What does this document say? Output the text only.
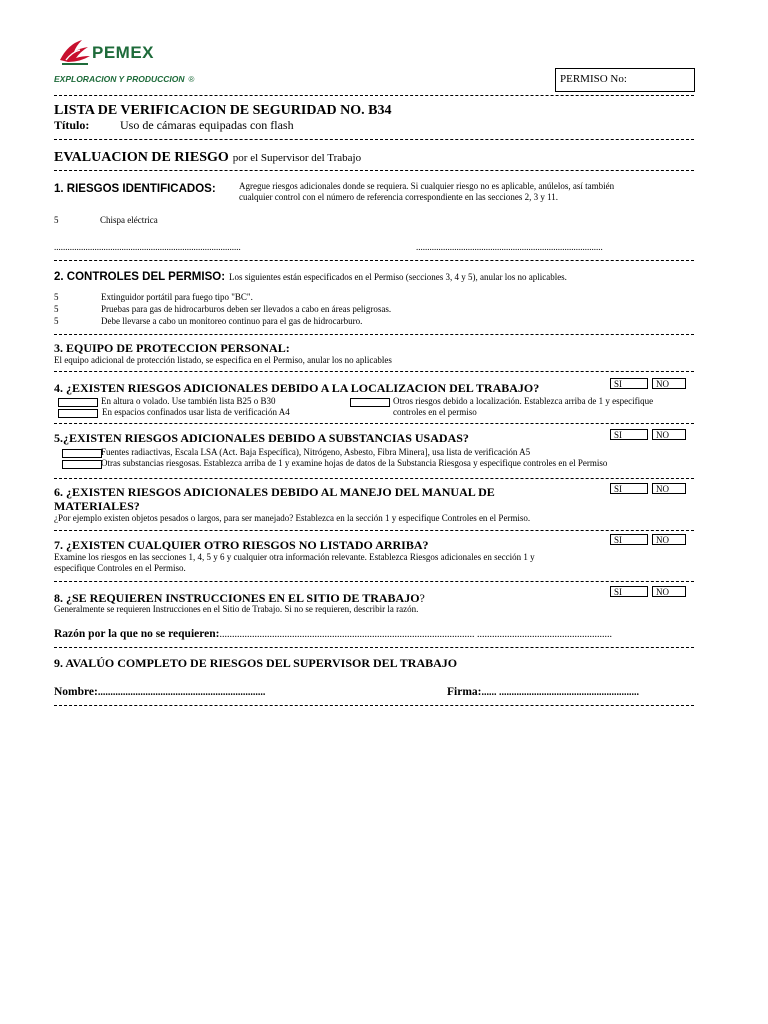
PEMEX
EXPLORACION Y PRODUCCION ®	PERMISO No:
LISTA DE VERIFICACION DE SEGURIDAD NO. B34
Título:	Uso de cámaras equipadas con flash
EVALUACION DE RIESGO por el Supervisor del Trabajo
1. RIESGOS IDENTIFICADOS:	Agregue riesgos adicionales donde se requiera. Si cualquier riesgo no es aplicable, anúlelos, así también
cualquier control con el número de referencia correspondiente en las secciones 2, 3 y 11.
5	Chispa eléctrica
...................................................................................	...................................................................................
2. CONTROLES DEL PERMISO: Los siguientes están especificados en el Permiso (secciones 3, 4 y 5), anular los no aplicables.
5	Extinguidor portátil para fuego tipo "BC".
5	Pruebas para gas de hidrocarburos deben ser llevados a cabo en áreas peligrosas.
5	Debe llevarse a cabo un monitoreo continuo para el gas de hidrocarburo.
3. EQUIPO DE PROTECCION PERSONAL:
El equipo adicional de protección listado, se especifica en el Permiso, anular los no aplicables
4. ¿EXISTEN RIESGOS ADICIONALES DEBIDO A LA LOCALIZACION DEL TRABAJO?	SI	NO
En altura o volado. Use también lista B25 o B30
En espacios confinados usar lista de verificación A4
Otros riesgos debido a localización. Establezca arriba de 1 y especifique
controles en el permiso
5.¿EXISTEN RIESGOS ADICIONALES DEBIDO A SUBSTANCIAS USADAS?	SI	NO
Fuentes radiactivas, Escala LSA (Act. Baja Específica), Nitrógeno, Asbesto, Fibra Minera], usa lista de verificación A5
Otras substancias riesgosas. Establezca arriba de 1 y examine hojas de datos de la Substancia Riesgosa y especifique controles en el Permiso
6. ¿EXISTEN RIESGOS ADICIONALES DEBIDO AL MANEJO DEL MANUAL DE
MATERIALES?
SI	NO
¿Por ejemplo existen objetos pesados o largos, para ser manejado? Establezca en la sección 1 y especifique Controles en el Permiso.
7. ¿EXISTEN CUALQUIER OTRO RIESGOS NO LISTADO ARRIBA?	SI	NO
Examine los riesgos en las secciones 1, 4, 5 y 6 y cualquier otra información relevante. Establezca Riesgos adicionales en sección 1 y
especifique Controles en el Permiso.
8. ¿SE REQUIEREN INSTRUCCIONES EN EL SITIO DE TRABAJO?	SI	NO
Generalmente se requieren Instrucciones en el Sitio de Trabajo. Si no se requieren, describir la razón.
Razón por la que no se requieren:...................................................................................................... ......................................................
9. AVALÚO COMPLETO DE RIESGOS DEL SUPERVISOR DEL TRABAJO
Nombre:...................................................................	Firma:...... ........................................................
